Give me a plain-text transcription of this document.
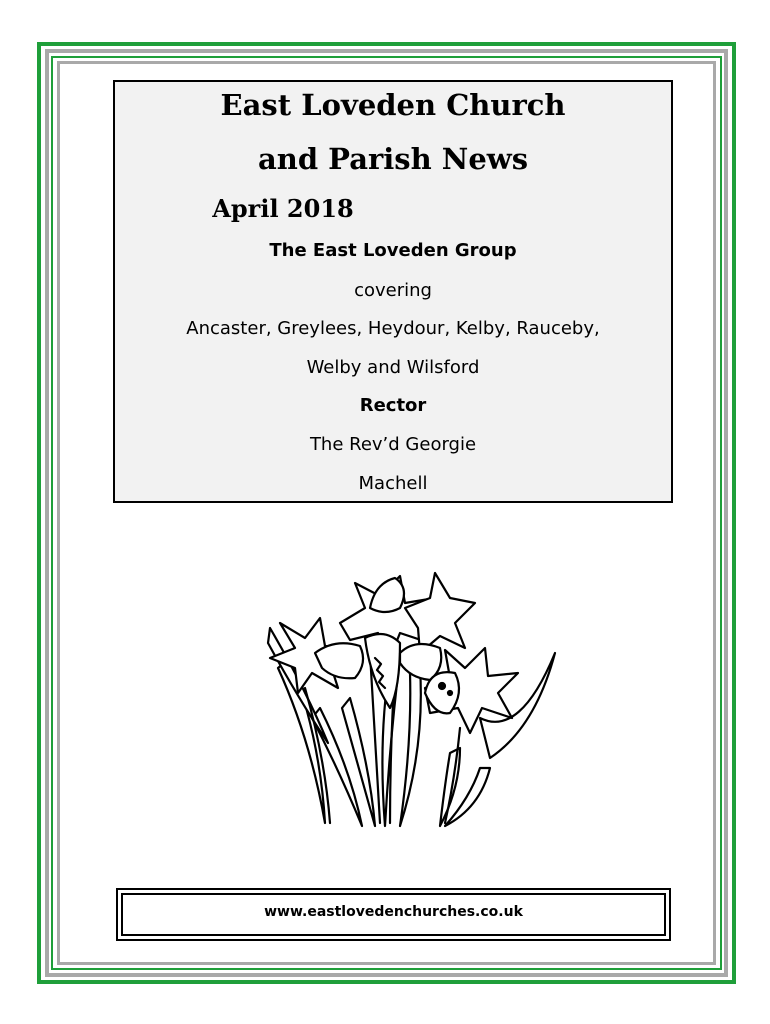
East Loveden Church
and Parish News
April 2018
The East Loveden Group
covering
Ancaster, Greylees, Heydour, Kelby, Rauceby,
Welby and Wilsford
Rector
The Rev’d Georgie
Machell
www.eastlovedenchurches.co.uk
